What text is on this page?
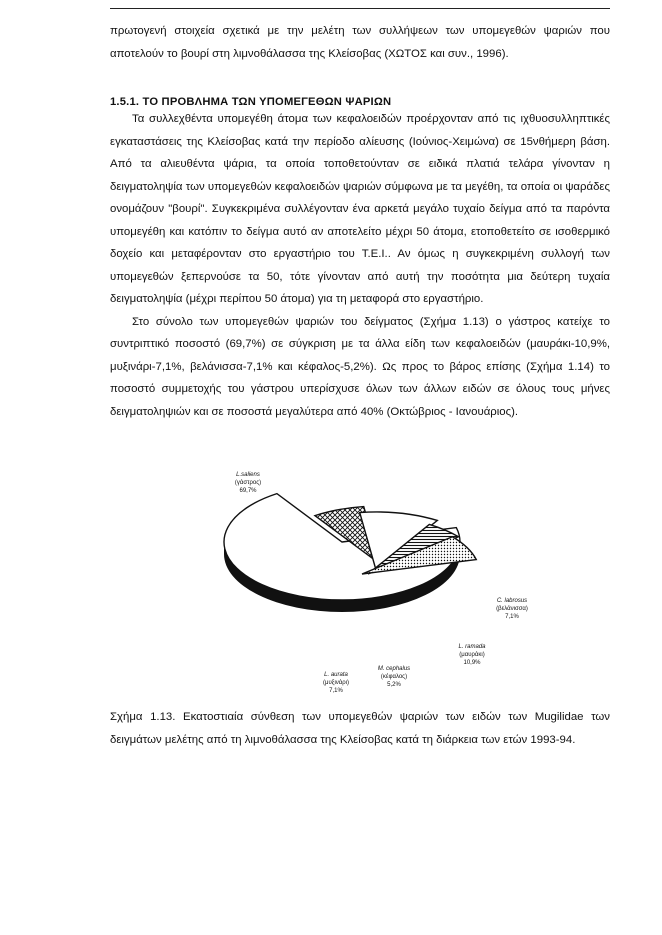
πρωτογενή στοιχεία σχετικά με την μελέτη των συλλήψεων των υπομεγεθών ψαριών που αποτελούν το βουρί στη λιμνοθάλασσα της Κλείσοβας (ΧΩΤΟΣ και συν., 1996).

1.5.1. ΤΟ ΠΡΟΒΛΗΜΑ ΤΩΝ ΥΠΟΜΕΓΕΘΩΝ ΨΑΡΙΩΝ

Τα συλλεχθέντα υπομεγέθη άτομα των κεφαλοειδών προέρχονταν από τις ιχθυοσυλληπτικές εγκαταστάσεις της Κλείσοβας κατά την περίοδο αλίευσης (Ιούνιος-Χειμώνα) σε 15νθήμερη βάση. Από τα αλιευθέντα ψάρια, τα οποία τοποθετούνταν σε ειδικά πλατιά τελάρα γίνονταν η δειγματοληψία των υπομεγεθών κεφαλοειδών ψαριών σύμφωνα με τα μεγέθη, τα οποία οι ψαράδες ονομάζουν "βουρί". Συγκεκριμένα συλλέγονταν ένα αρκετά μεγάλο τυχαίο δείγμα από τα παρόντα υπομεγέθη και κατόπιν το δείγμα αυτό αν αποτελείτο μέχρι 50 άτομα, ετοποθετείτο σε ισοθερμικό δοχείο και μεταφέρονταν στο εργαστήριο του Τ.Ε.Ι.. Αν όμως η συγκεκριμένη συλλογή των υπομεγεθών ξεπερνούσε τα 50, τότε γίνονταν από αυτή την ποσότητα μια δεύτερη τυχαία δειγματοληψία (μέχρι περίπου 50 άτομα) για τη μεταφορά στο εργαστήριο.

Στο σύνολο των υπομεγεθών ψαριών του δείγματος (Σχήμα 1.13) ο γάστρος κατείχε το συντριπτικό ποσοστό (69,7%) σε σύγκριση με τα άλλα είδη των κεφαλοειδών (μαυράκι-10,9%, μυξινάρι-7,1%, βελάνισσα-7,1% και κέφαλος-5,2%). Ως προς το βάρος επίσης (Σχήμα 1.14) το ποσοστό συμμετοχής του γάστρου υπερίσχυσε όλων των άλλων ειδών σε όλους τους μήνες δειγματοληψιών και σε ποσοστά μεγαλύτερα από 40% (Οκτώβριος - Ιανουάριος).

L.saliens
(γάστρος)
69,7%
C. labrosus
(βελάνισσα)
7,1%
L. ramada
(μαυράκι)
10,9%
M. cephalus
(κέφαλος)
5,2%
L. aurata
(μυξινάρι)
7,1%
Σχήμα 1.13. Εκατοστιαία σύνθεση των υπομεγεθών ψαριών των ειδών των Mugilidae των δειγμάτων μελέτης από τη λιμνοθάλασσα της Κλείσοβας κατά τη διάρκεια των ετών 1993-94.
